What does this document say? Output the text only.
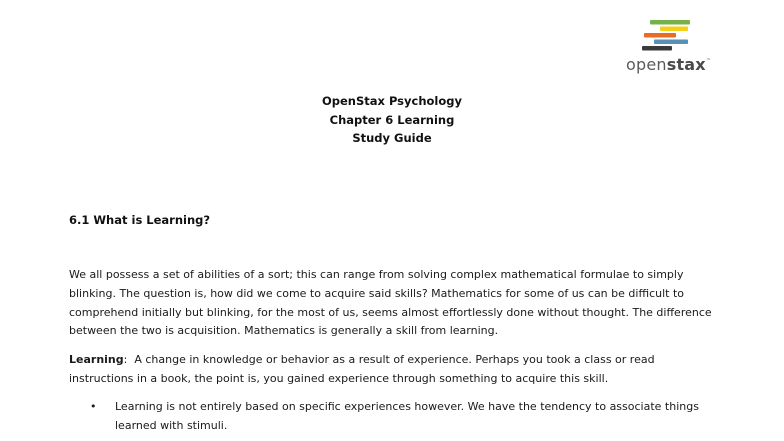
openstax™
OpenStax Psychology
Chapter 6 Learning
Study Guide
6.1 What is Learning?
We all possess a set of abilities of a sort; this can range from solving complex mathematical formulae to simply blinking. The question is, how did we come to acquire said skills? Mathematics for some of us can be difficult to comprehend initially but blinking, for the most of us, seems almost effortlessly done without thought. The difference between the two is acquisition. Mathematics is generally a skill from learning.
Learning: A change in knowledge or behavior as a result of experience. Perhaps you took a class or read instructions in a book, the point is, you gained experience through something to acquire this skill.
• Learning is not entirely based on specific experiences however. We have the tendency to associate things learned with stimuli.
